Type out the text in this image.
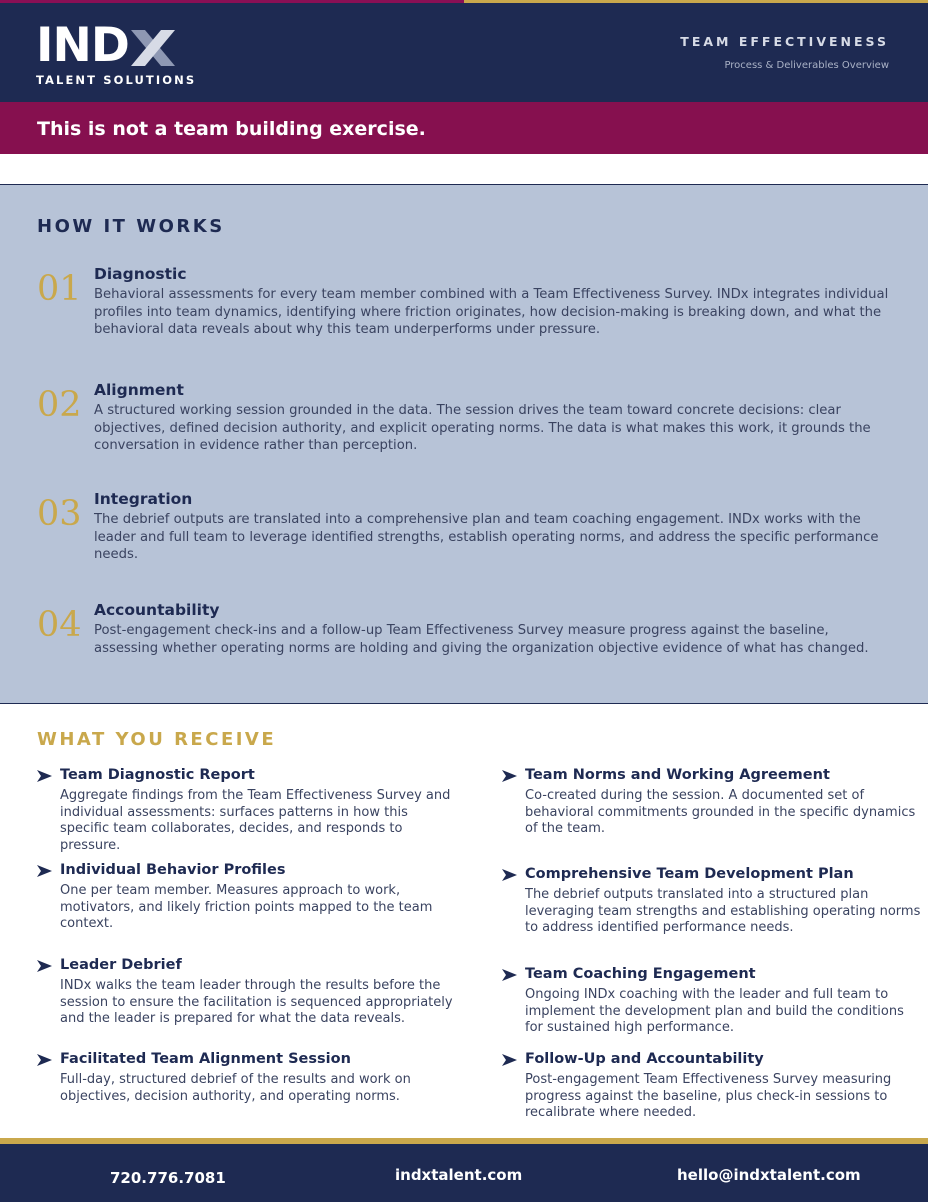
IND
TALENT SOLUTIONS
TEAM EFFECTIVENESS
Process & Deliverables Overview
This is not a team building exercise.
HOW IT WORKS
01 Diagnostic
Behavioral assessments for every team member combined with a Team Effectiveness Survey. INDx integrates individual profiles into team dynamics, identifying where friction originates, how decision-making is breaking down, and what the behavioral data reveals about why this team underperforms under pressure.
02 Alignment
A structured working session grounded in the data. The session drives the team toward concrete decisions: clear objectives, defined decision authority, and explicit operating norms. The data is what makes this work, it grounds the conversation in evidence rather than perception.
03 Integration
The debrief outputs are translated into a comprehensive plan and team coaching engagement. INDx works with the leader and full team to leverage identified strengths, establish operating norms, and address the specific performance needs.
04 Accountability
Post-engagement check-ins and a follow-up Team Effectiveness Survey measure progress against the baseline, assessing whether operating norms are holding and giving the organization objective evidence of what has changed.
WHAT YOU RECEIVE
Team Diagnostic Report
Aggregate findings from the Team Effectiveness Survey and individual assessments: surfaces patterns in how this specific team collaborates, decides, and responds to pressure.
Individual Behavior Profiles
One per team member. Measures approach to work, motivators, and likely friction points mapped to the team context.
Leader Debrief
INDx walks the team leader through the results before the session to ensure the facilitation is sequenced appropriately and the leader is prepared for what the data reveals.
Facilitated Team Alignment Session
Full-day, structured debrief of the results and work on objectives, decision authority, and operating norms.
Team Norms and Working Agreement
Co-created during the session. A documented set of behavioral commitments grounded in the specific dynamics of the team.
Comprehensive Team Development Plan
The debrief outputs translated into a structured plan leveraging team strengths and establishing operating norms to address identified performance needs.
Team Coaching Engagement
Ongoing INDx coaching with the leader and full team to implement the development plan and build the conditions for sustained high performance.
Follow-Up and Accountability
Post-engagement Team Effectiveness Survey measuring progress against the baseline, plus check-in sessions to recalibrate where needed.
720.776.7081	indxtalent.com	hello@indxtalent.com
